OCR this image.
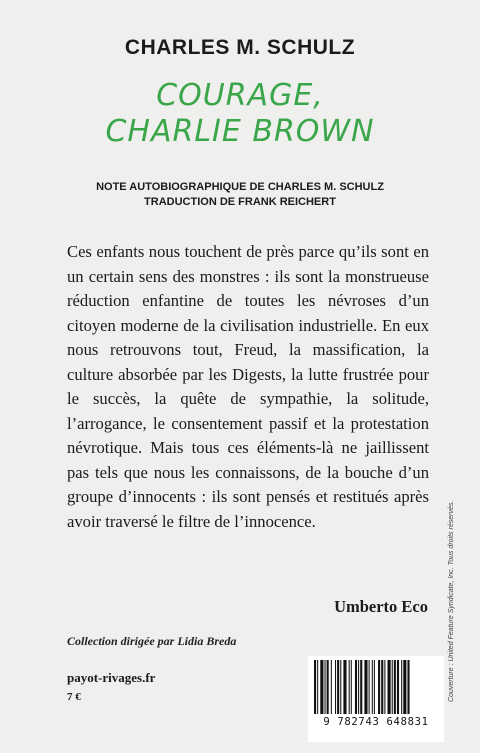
CHARLES M. SCHULZ
COURAGE,
CHARLIE BROWN
NOTE AUTOBIOGRAPHIQUE DE CHARLES M. SCHULZ
TRADUCTION DE FRANK REICHERT
Ces enfants nous touchent de près parce qu’ils sont en un certain sens des monstres : ils sont la monstrueuse réduction enfantine de toutes les névroses d’un citoyen moderne de la civilisation industrielle. En eux nous retrouvons tout, Freud, la massification, la culture absorbée par les Digests, la lutte frustrée pour le succès, la quête de sympathie, la solitude, l’arrogance, le consentement passif et la protestation névrotique. Mais tous ces éléments-là ne jaillissent pas tels que nous les connaissons, de la bouche d’un groupe d’innocents : ils sont pensés et restitués après avoir traversé le filtre de l’innocence.
Umberto Eco
Collection dirigée par Lidia Breda
payot-rivages.fr
7 €
9 782743 648831
Couverture : United Feature Syndicate, Inc. Tous droits réservés.
